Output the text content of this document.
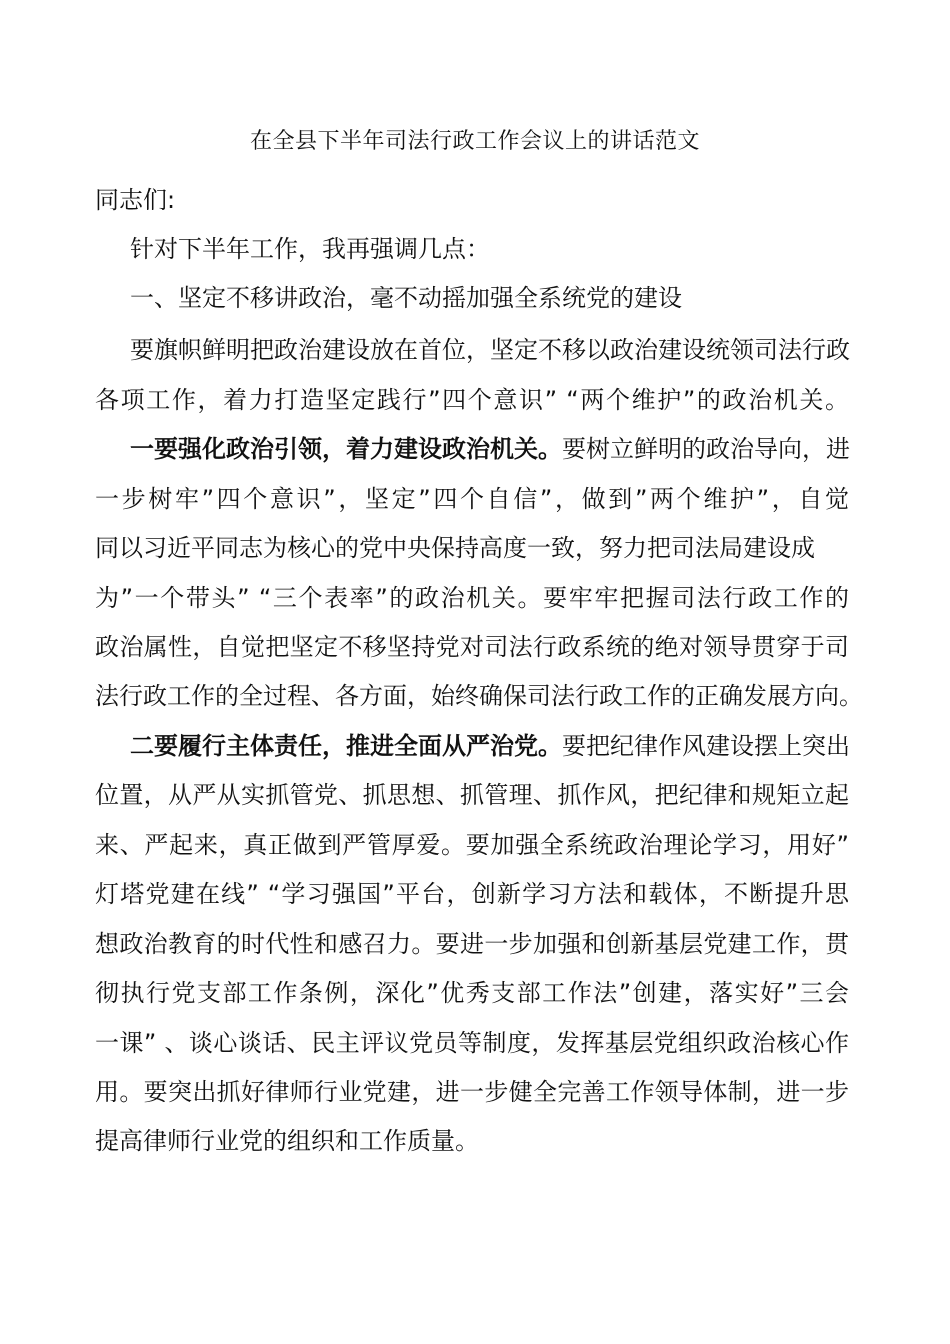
在全县下半年司法行政工作会议上的讲话范文
同志们:
针对下半年工作，我再强调几点：
一、坚定不移讲政治，毫不动摇加强全系统党的建设
要旗帜鲜明把政治建设放在首位，坚定不移以政治建设统领司法行政
各项工作，着力打造坚定践行”四个意识” “两个维护”的政治机关。
一要强化政治引领，着力建设政治机关。要树立鲜明的政治导向，进
一步树牢”四个意识”，坚定”四个自信”，做到”两个维护”，自觉
同以习近平同志为核心的党中央保持高度一致，努力把司法局建设成
为”一个带头” “三个表率”的政治机关。要牢牢把握司法行政工作的
政治属性，自觉把坚定不移坚持党对司法行政系统的绝对领导贯穿于司
法行政工作的全过程、各方面，始终确保司法行政工作的正确发展方向。
二要履行主体责任，推进全面从严治党。要把纪律作风建设摆上突出
位置，从严从实抓管党、抓思想、抓管理、抓作风，把纪律和规矩立起
来、严起来，真正做到严管厚爱。要加强全系统政治理论学习，用好”
灯塔党建在线” “学习强国”平台，创新学习方法和载体，不断提升思
想政治教育的时代性和感召力。要进一步加强和创新基层党建工作，贯
彻执行党支部工作条例，深化”优秀支部工作法”创建，落实好”三会
一课” 、谈心谈话、民主评议党员等制度，发挥基层党组织政治核心作
用。要突出抓好律师行业党建，进一步健全完善工作领导体制，进一步
提高律师行业党的组织和工作质量。
